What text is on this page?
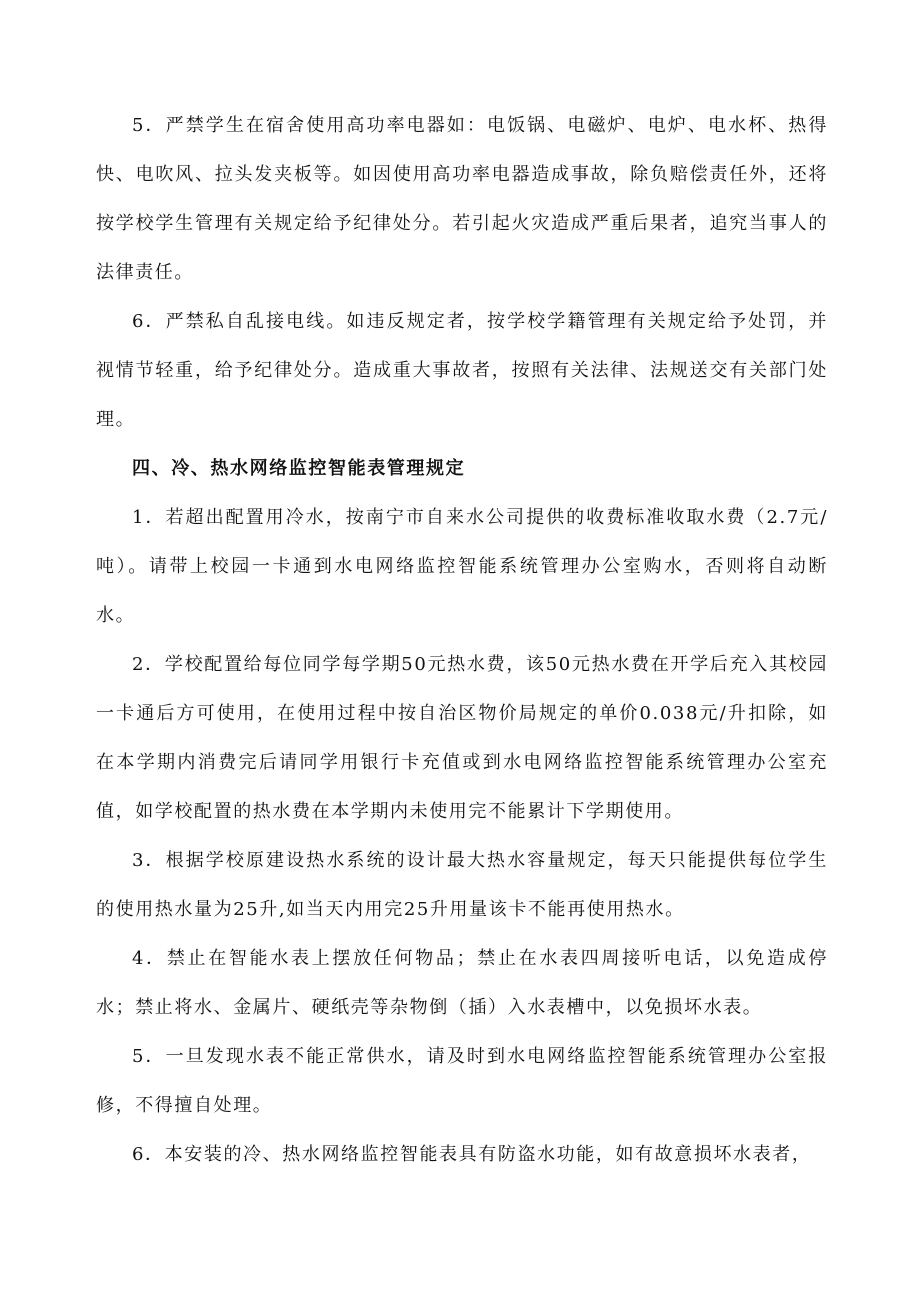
5．严禁学生在宿舍使用高功率电器如：电饭锅、电磁炉、电炉、电水杯、热得快、电吹风、拉头发夹板等。如因使用高功率电器造成事故，除负赔偿责任外，还将按学校学生管理有关规定给予纪律处分。若引起火灾造成严重后果者，追究当事人的法律责任。

6．严禁私自乱接电线。如违反规定者，按学校学籍管理有关规定给予处罚，并视情节轻重，给予纪律处分。造成重大事故者，按照有关法律、法规送交有关部门处理。

四、冷、热水网络监控智能表管理规定

1．若超出配置用冷水，按南宁市自来水公司提供的收费标准收取水费（2.7元/吨）。请带上校园一卡通到水电网络监控智能系统管理办公室购水，否则将自动断水。

2．学校配置给每位同学每学期50元热水费，该50元热水费在开学后充入其校园一卡通后方可使用，在使用过程中按自治区物价局规定的单价0.038元/升扣除，如在本学期内消费完后请同学用银行卡充值或到水电网络监控智能系统管理办公室充值，如学校配置的热水费在本学期内未使用完不能累计下学期使用。

3．根据学校原建设热水系统的设计最大热水容量规定，每天只能提供每位学生的使用热水量为25升,如当天内用完25升用量该卡不能再使用热水。

4．禁止在智能水表上摆放任何物品；禁止在水表四周接听电话，以免造成停水；禁止将水、金属片、硬纸壳等杂物倒（插）入水表槽中，以免损坏水表。

5．一旦发现水表不能正常供水，请及时到水电网络监控智能系统管理办公室报修，不得擅自处理。

6．本安装的冷、热水网络监控智能表具有防盗水功能，如有故意损坏水表者，
